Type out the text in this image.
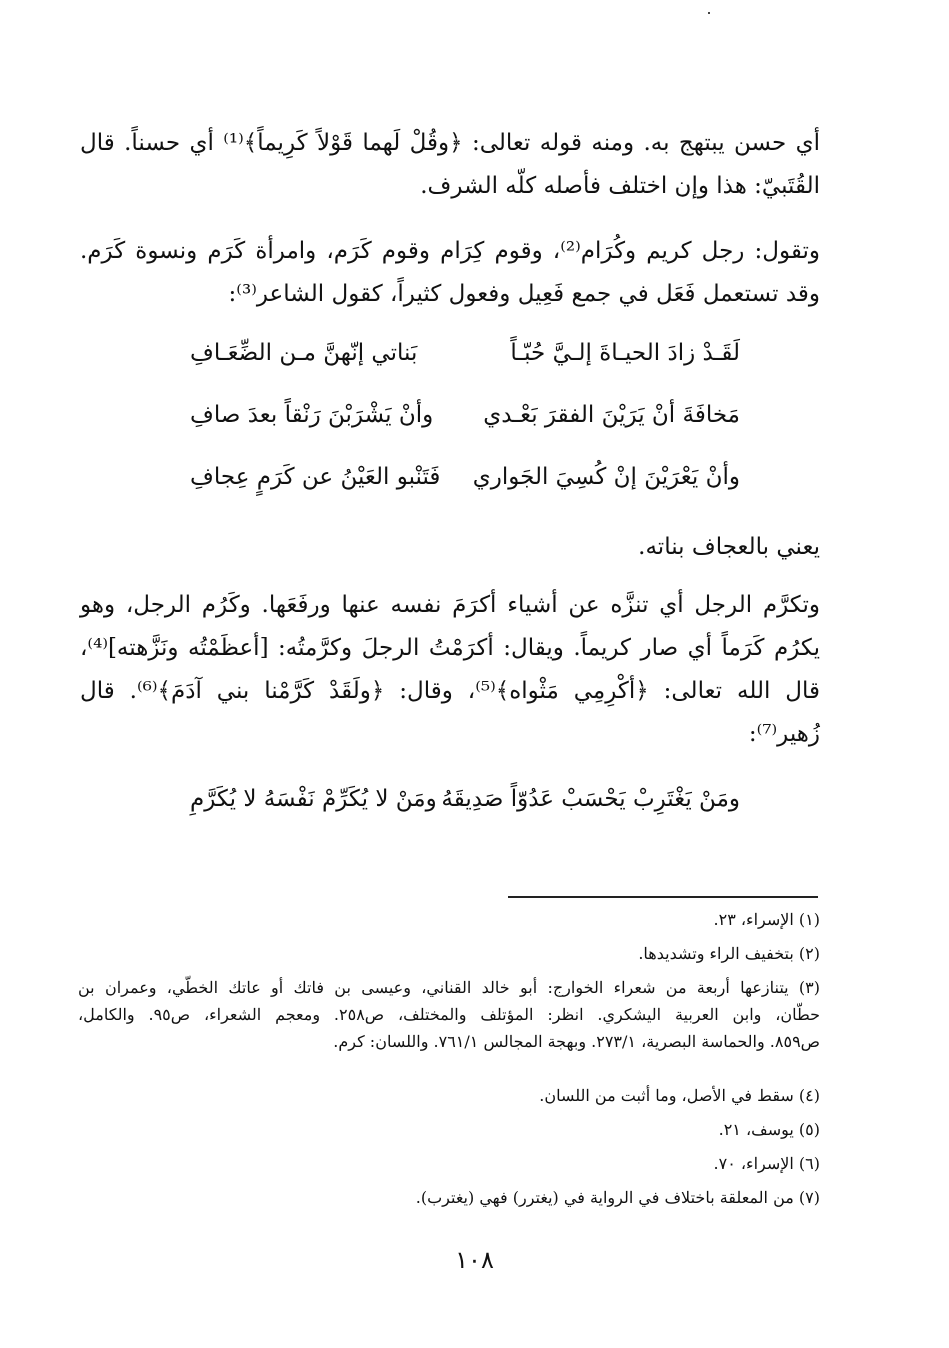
أي حسن يبتهج به. ومنه قوله تعالى: ﴿وقُلْ لَهما قَوْلاً كَرِيماً﴾⁽¹⁾ أي حسناً. قال
القُتَبيّ: هذا وإن اختلف فأصله كلّه الشرف.

وتقول: رجل كريم وكُرَام⁽²⁾، وقوم كِرَام وقوم كَرَم، وامرأة كَرَم ونسوة كَرَم.
وقد تستعمل فَعَل في جمع فَعِيل وفعول كثيراً، كقول الشاعر⁽³⁾:

لَقَـدْ زادَ الحيـاةَ إلـيَّ حُبّـاً
بَناتي إنّهنَّ مـن الضِّعَـافِ
مَخافَةَ أنْ يَرَيْنَ الفقرَ بَعْـدي
وأنْ يَشْرَبْنَ رَنْقاً بعدَ صافِ
وأنْ يَعْرَيْنَ إنْ كُسِيَ الجَواري
فَتَنْبو العَيْنُ عن كَرَمٍ عِجافِ

يعني بالعجاف بناته.

وتكرَّم الرجل أي تنزَّه عن أشياء أكرَمَ نفسه عنها ورفَعَها. وكَرُم الرجل، وهو
يكرُم كَرَماً أي صار كريماً. ويقال: أكرَمْتُ الرجلَ وكرَّمتُه: [أعظَمْتُه ونَزَّهته]⁽⁴⁾،
قال الله تعالى: ﴿أكْرِمِي مَثْواه﴾⁽⁵⁾، وقال: ﴿ولَقَدْ كَرَّمْنا بني آدَمَ﴾⁽⁶⁾. قال
زُهير⁽⁷⁾:

ومَنْ يَغْتَرِبْ يَحْسَبْ عَدُوّاً صَدِيقَهُ
ومَنْ لا يُكَرِّمْ نَفْسَهُ لا يُكَرَّمِ

(١) الإسراء، ٢٣.

(٢) بتخفيف الراء وتشديدها.

(٣) يتنازعها أربعة من شعراء الخوارج: أبو خالد القناني، وعيسى بن فاتك أو عاتك الخطّي، وعمران بن
حطّان، وابن العربية اليشكري. انظر: المؤتلف والمختلف، ص٢٥٨. ومعجم الشعراء، ص٩٥. والكامل،
ص٨٥٩. والحماسة البصرية، ٢٧٣/١. وبهجة المجالس ٧٦١/١. واللسان: كرم.

(٤) سقط في الأصل، وما أثبت من اللسان.

(٥) يوسف، ٢١.

(٦) الإسراء، ٧٠.

(٧) من المعلقة باختلاف في الرواية في (يغترر) فهي (يغترب).

١٠٨
